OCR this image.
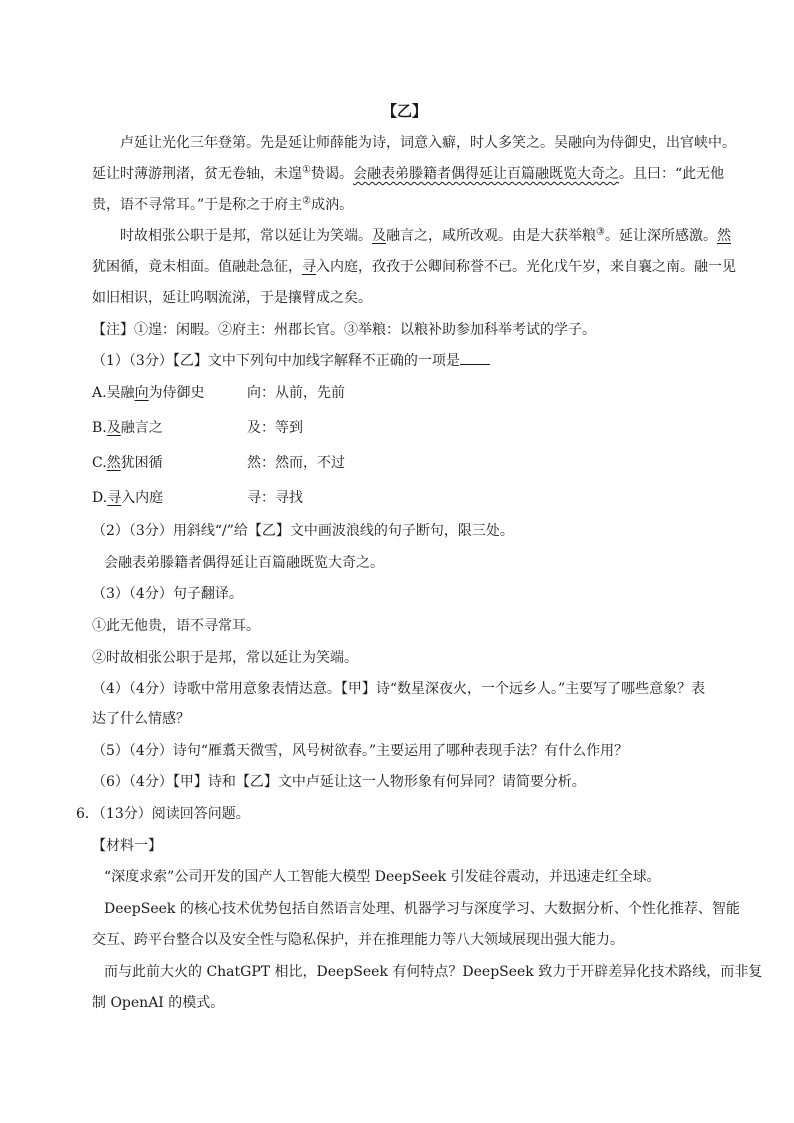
【乙】
卢延让光化三年登第。先是延让师薛能为诗，词意入癖，时人多笑之。吴融向为侍御史，出官峡中。
延让时薄游荆渚，贫无卷轴，未遑①贽谒。会融表弟滕籍者偶得延让百篇融既览大奇之。且曰：“此无他
贵，语不寻常耳。”于是称之于府主②成汭。
时故相张公职于是邦，常以延让为笑端。及融言之，咸所改观。由是大获举粮③。延让深所感激。然
犹困循，竟未相面。值融赴急征，寻入内庭，孜孜于公卿间称誉不已。光化戊午岁，来自襄之南。融一见
如旧相识，延让呜咽流涕，于是攘臂成之矣。
【注】①遑：闲暇。②府主：州郡长官。③举粮：以粮补助参加科举考试的学子。
（1）（3分）【乙】文中下列句中加线字解释不正确的一项是
A.吴融向为侍御史	向：从前，先前
B.及融言之	及：等到
C.然犹困循	然：然而，不过
D.寻入内庭	寻：寻找
（2）（3分）用斜线“/”给【乙】文中画波浪线的句子断句，限三处。
会融表弟滕籍者偶得延让百篇融既览大奇之。
（3）（4分）句子翻译。
①此无他贵，语不寻常耳。
②时故相张公职于是邦，常以延让为笑端。
（4）（4分）诗歌中常用意象表情达意。【甲】诗“数星深夜火，一个远乡人。”主要写了哪些意象？表
达了什么情感？
（5）（4分）诗句“雁翥天微雪，风号树欲春。”主要运用了哪种表现手法？有什么作用？
（6）（4分）【甲】诗和【乙】文中卢延让这一人物形象有何异同？请简要分析。
6．（13分）阅读回答问题。
【材料一】
“深度求索”公司开发的国产人工智能大模型 DeepSeek 引发硅谷震动，并迅速走红全球。
DeepSeek 的核心技术优势包括自然语言处理、机器学习与深度学习、大数据分析、个性化推荐、智能
交互、跨平台整合以及安全性与隐私保护，并在推理能力等八大领域展现出强大能力。
而与此前大火的 ChatGPT 相比，DeepSeek 有何特点？DeepSeek 致力于开辟差异化技术路线，而非复
制 OpenAI 的模式。
